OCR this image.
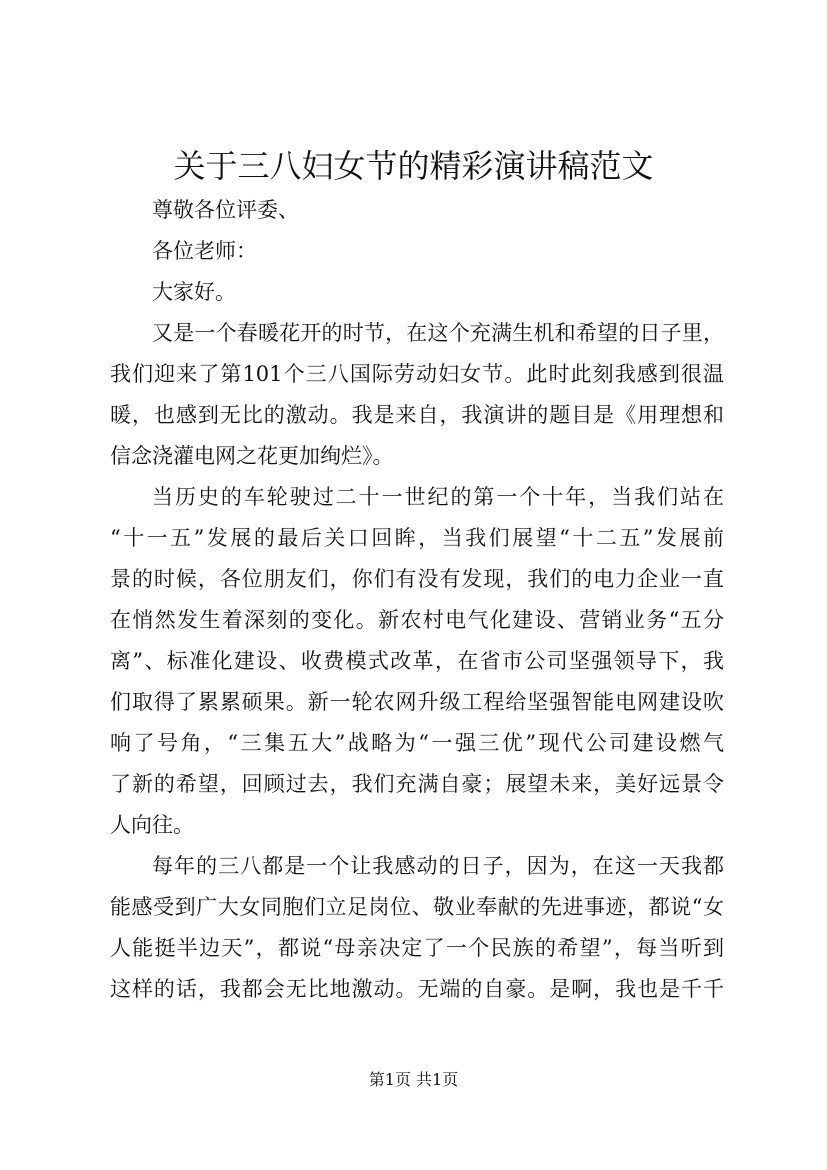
关于三八妇女节的精彩演讲稿范文
尊敬各位评委、
各位老师：
大家好。
又是一个春暖花开的时节，在这个充满生机和希望的日子里，
我们迎来了第101个三八国际劳动妇女节。此时此刻我感到很温
暖，也感到无比的激动。我是来自，我演讲的题目是《用理想和
信念浇灌电网之花更加绚烂》。
当历史的车轮驶过二十一世纪的第一个十年，当我们站在
“十一五”发展的最后关口回眸，当我们展望“十二五”发展前
景的时候，各位朋友们，你们有没有发现，我们的电力企业一直
在悄然发生着深刻的变化。新农村电气化建设、营销业务“五分
离”、标准化建设、收费模式改革，在省市公司坚强领导下，我
们取得了累累硕果。新一轮农网升级工程给坚强智能电网建设吹
响了号角，“三集五大”战略为“一强三优”现代公司建设燃气
了新的希望，回顾过去，我们充满自豪；展望未来，美好远景令
人向往。
每年的三八都是一个让我感动的日子，因为，在这一天我都
能感受到广大女同胞们立足岗位、敬业奉献的先进事迹，都说“女
人能挺半边天”，都说“母亲决定了一个民族的希望”，每当听到
这样的话，我都会无比地激动。无端的自豪。是啊，我也是千千
第1页 共1页
